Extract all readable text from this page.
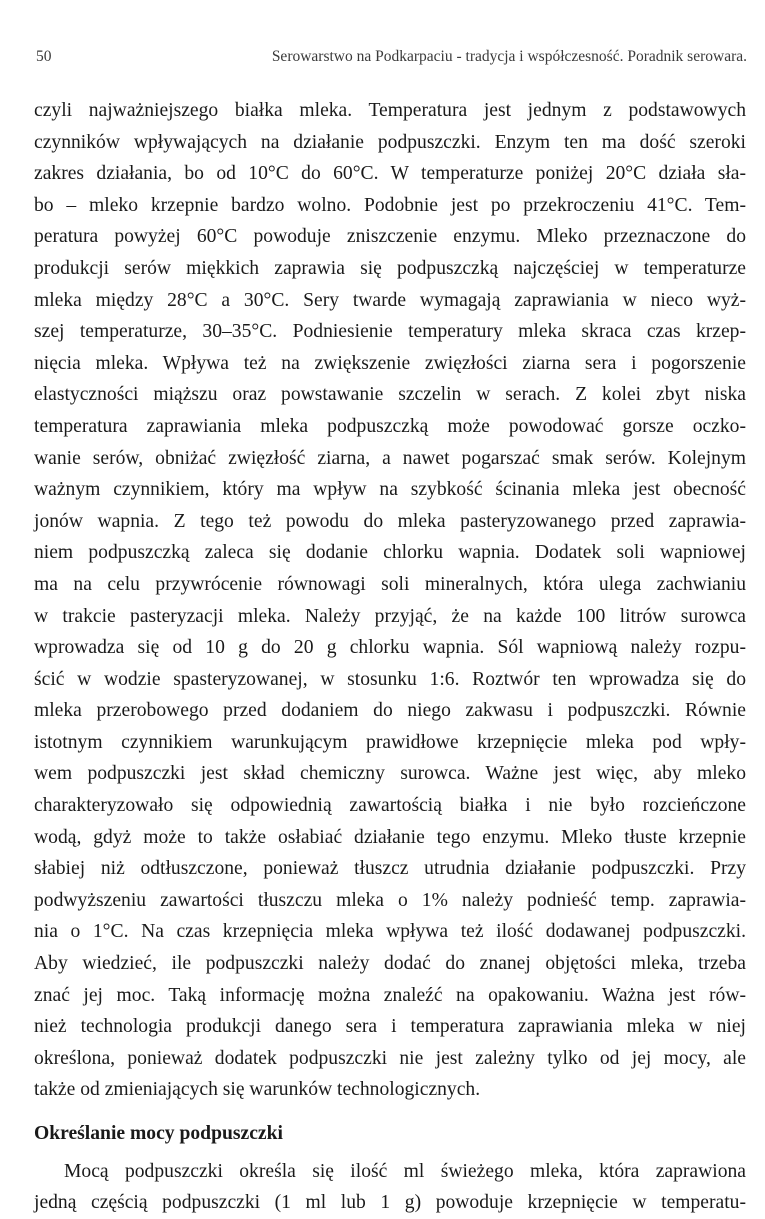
50	Serowarstwo na Podkarpaciu - tradycja i współczesność. Poradnik serowara.
czyli najważniejszego białka mleka. Temperatura jest jednym z podstawowych
czynników wpływających na działanie podpuszczki. Enzym ten ma dość szeroki
zakres działania, bo od 10°C do 60°C. W temperaturze poniżej 20°C działa sła-
bo – mleko krzepnie bardzo wolno. Podobnie jest po przekroczeniu 41°C. Tem-
peratura powyżej 60°C powoduje zniszczenie enzymu. Mleko przeznaczone do
produkcji serów miękkich zaprawia się podpuszczką najczęściej w temperaturze
mleka między 28°C a 30°C. Sery twarde wymagają zaprawiania w nieco wyż-
szej temperaturze, 30–35°C. Podniesienie temperatury mleka skraca czas krzep-
nięcia mleka. Wpływa też na zwiększenie zwięzłości ziarna sera i pogorszenie
elastyczności miąższu oraz powstawanie szczelin w serach. Z kolei zbyt niska
temperatura zaprawiania mleka podpuszczką może powodować gorsze oczko-
wanie serów, obniżać zwięzłość ziarna, a nawet pogarszać smak serów. Kolejnym
ważnym czynnikiem, który ma wpływ na szybkość ścinania mleka jest obecność
jonów wapnia. Z tego też powodu do mleka pasteryzowanego przed zaprawia-
niem podpuszczką zaleca się dodanie chlorku wapnia. Dodatek soli wapniowej
ma na celu przywrócenie równowagi soli mineralnych, która ulega zachwianiu
w trakcie pasteryzacji mleka. Należy przyjąć, że na każde 100 litrów surowca
wprowadza się od 10 g do 20 g chlorku wapnia. Sól wapniową należy rozpu-
ścić w wodzie spasteryzowanej, w stosunku 1:6. Roztwór ten wprowadza się do
mleka przerobowego przed dodaniem do niego zakwasu i podpuszczki. Równie
istotnym czynnikiem warunkującym prawidłowe krzepnięcie mleka pod wpły-
wem podpuszczki jest skład chemiczny surowca. Ważne jest więc, aby mleko
charakteryzowało się odpowiednią zawartością białka i nie było rozcieńczone
wodą, gdyż może to także osłabiać działanie tego enzymu. Mleko tłuste krzepnie
słabiej niż odtłuszczone, ponieważ tłuszcz utrudnia działanie podpuszczki. Przy
podwyższeniu zawartości tłuszczu mleka o 1% należy podnieść temp. zaprawia-
nia o 1°C. Na czas krzepnięcia mleka wpływa też ilość dodawanej podpuszczki.
Aby wiedzieć, ile podpuszczki należy dodać do znanej objętości mleka, trzeba
znać jej moc. Taką informację można znaleźć na opakowaniu. Ważna jest rów-
nież technologia produkcji danego sera i temperatura zaprawiania mleka w niej
określona, ponieważ dodatek podpuszczki nie jest zależny tylko od jej mocy, ale
także od zmieniających się warunków technologicznych.
Określanie mocy podpuszczki
Mocą podpuszczki określa się ilość ml świeżego mleka, która zaprawiona
jedną częścią podpuszczki (1 ml lub 1 g) powoduje krzepnięcie w temperatu-
